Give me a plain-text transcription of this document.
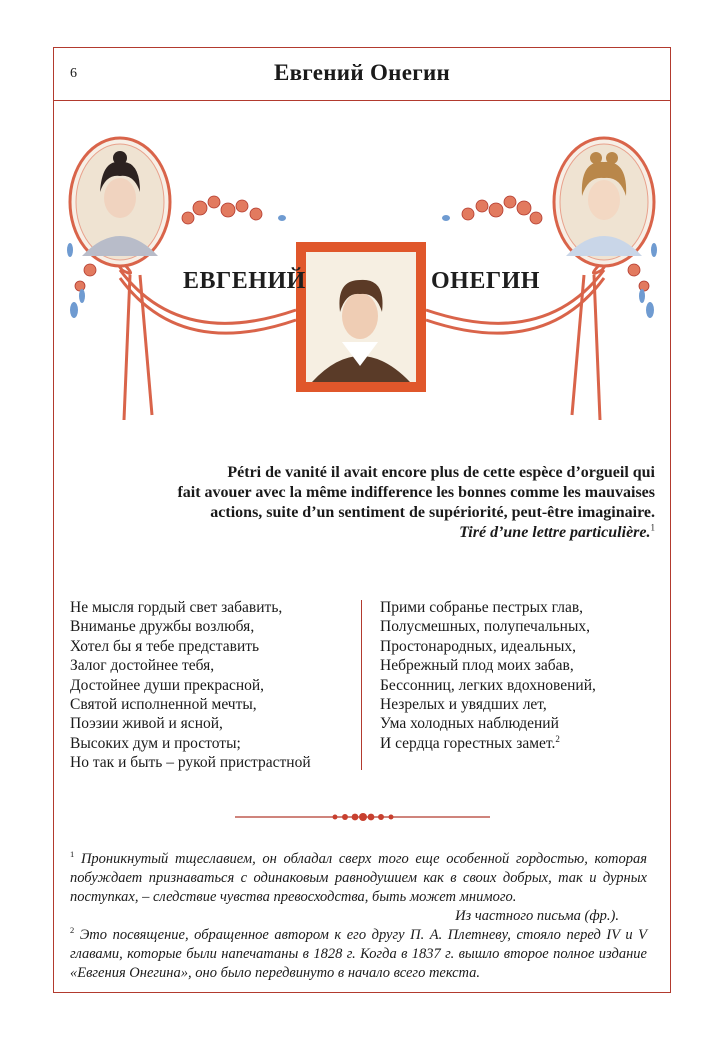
6	Евгений Онегин
ЕВГЕНИЙ	ОНЕГИН
Pétri de vanité il avait encore plus de cette espèce d’orgueil qui
fait avouer avec la même indifference les bonnes comme les mauvaises
actions, suite d’un sentiment de supériorité, peut-être imaginaire.
Tiré d’une lettre particulière.$^1$
Не мысля гордый свет забавить,
Вниманье дружбы возлюбя,
Хотел бы я тебе представить
Залог достойнее тебя,
Достойнее души прекрасной,
Святой исполненной мечты,
Поэзии живой и ясной,
Высоких дум и простоты;
Но так и быть – рукой пристрастной
Прими собранье пестрых глав,
Полусмешных, полупечальных,
Простонародных, идеальных,
Небрежный плод моих забав,
Бессонниц, легких вдохновений,
Незрелых и увядших лет,
Ума холодных наблюдений
И сердца горестных замет.$^2$

$^1$ Проникнутый тщеславием, он обладал сверх того еще особенной гордостью, которая побуждает признаваться с одинаковым равнодушием как в своих добрых, так и дурных поступках, – следствие чувства превосходства, быть может мнимого.

Из частного письма (фр.).

$^2$ Это посвящение, обращенное автором к его другу П. А. Плетневу, стояло перед IV и V главами, которые были напечатаны в 1828 г. Когда в 1837 г. вышло второе полное издание «Евгения Онегина», оно было передвинуто в начало всего текста.
